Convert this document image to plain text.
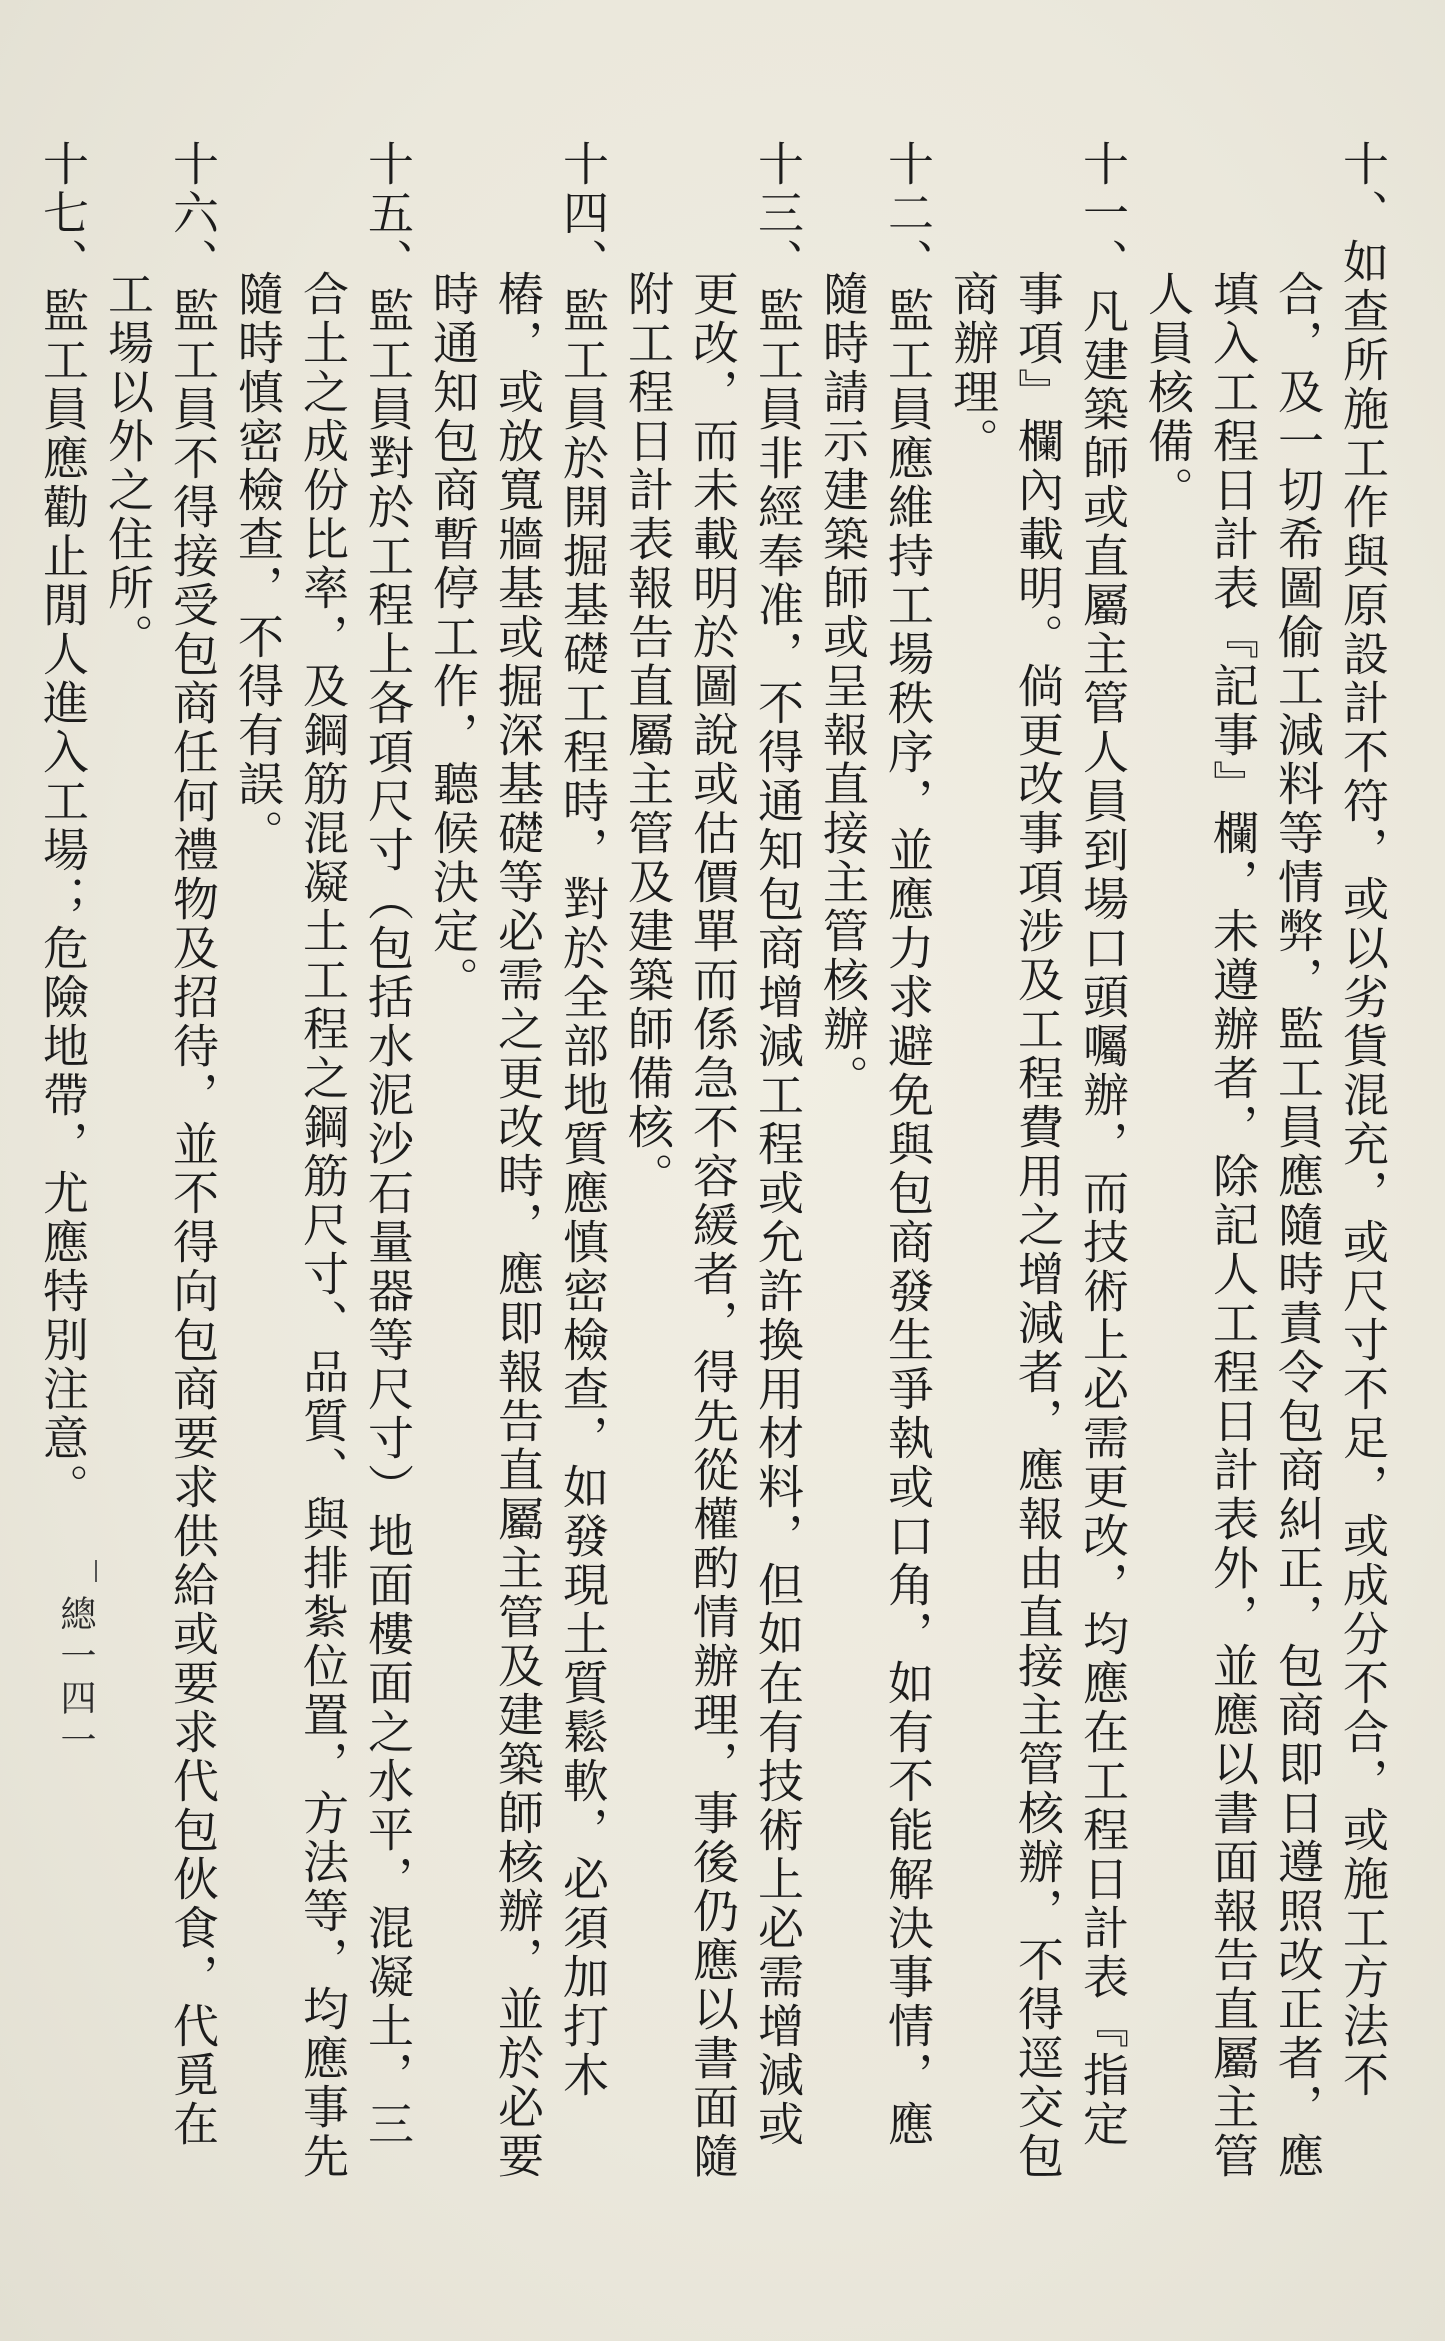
十、如查所施工作與原設計不符，或以劣貨混充，或尺寸不足，或成分不合，或施工方法不合，及一切希圖偷工減料等情弊，監工員應隨時責令包商糾正，包商即日遵照改正者，應填入工程日計表『記事』欄，未遵辦者，除記人工程日計表外，並應以書面報告直屬主管人員核備。

十一、凡建築師或直屬主管人員到場口頭囑辦，而技術上必需更改，均應在工程日計表『指定事項』欄內載明。倘更改事項涉及工程費用之增減者，應報由直接主管核辦，不得逕交包商辦理。

十二、監工員應維持工場秩序，並應力求避免與包商發生爭執或口角，如有不能解決事情，應隨時請示建築師或呈報直接主管核辦。

十三、監工員非經奉准，不得通知包商增減工程或允許換用材料，但如在有技術上必需增減或更改，而未載明於圖說或估價單而係急不容緩者，得先從權酌情辦理，事後仍應以書面隨附工程日計表報告直屬主管及建築師備核。

十四、監工員於開掘基礎工程時，對於全部地質應慎密檢查，如發現土質鬆軟，必須加打木樁，或放寬牆基或掘深基礎等必需之更改時，應即報告直屬主管及建築師核辦，並於必要時通知包商暫停工作，聽候決定。

十五、監工員對於工程上各項尺寸（包括水泥沙石量器等尺寸）地面樓面之水平，混凝土，三合土之成份比率，及鋼筋混凝土工程之鋼筋尺寸、品質、與排紮位置，方法等，均應事先隨時慎密檢查，不得有誤。

十六、監工員不得接受包商任何禮物及招待，並不得向包商要求供給或要求代包伙食，代覓在工場以外之住所。

十七、監工員應勸止閒人進入工場；危險地帶，尤應特別注意。

總一四一
